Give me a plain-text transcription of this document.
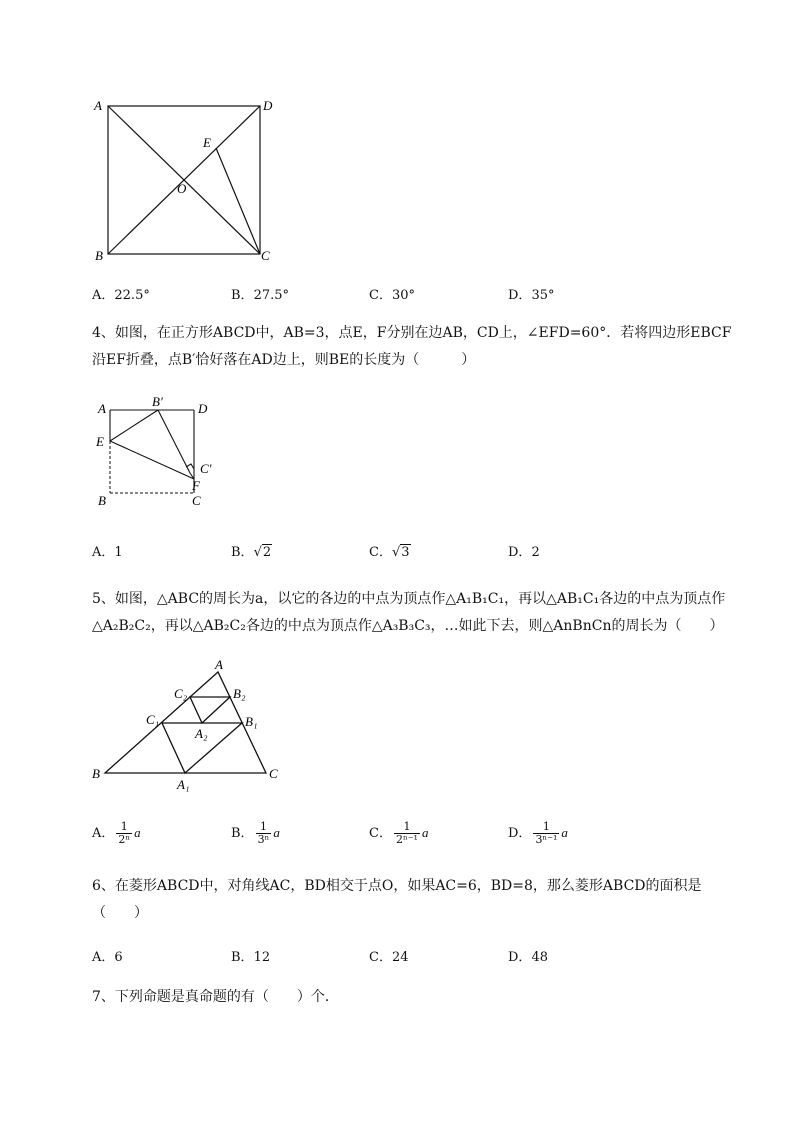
A	D
E
O
B	C
A．22.5°	B．27.5°	C．30°	D．35°
4、如图，在正方形ABCD中，AB=3，点E，F分别在边AB，CD上，∠EFD=60°．若将四边形EBCF
沿EF折叠，点B′恰好落在AD边上，则BE的长度为（　　　）
A	B′	D
E
C′
F
B	C
A．1	B．√2	C．√3	D．2
5、如图，△ABC的周长为a，以它的各边的中点为顶点作△A₁B₁C₁，再以△AB₁C₁各边的中点为顶点作
△A₂B₂C₂，再以△AB₂C₂各边的中点为顶点作△A₃B₃C₃，…如此下去，则△AnBnCn的周长为（　　）
A
C₂	B₂
C₁	B₁
A₂
B	C
A₁
A． $\frac{1}{\text{2ⁿ}}$ a	B． $\frac{1}{\text{3ⁿ}}$ a	C． $\frac{1}{\text{2ⁿ⁻¹}}$ a	D． $\frac{1}{\text{3ⁿ⁻¹}}$ a
6、在菱形ABCD中，对角线AC，BD相交于点O，如果AC=6，BD=8，那么菱形ABCD的面积是
（　　）
A．6	B．12	C．24	D．48
7、下列命题是真命题的有（　　）个．
